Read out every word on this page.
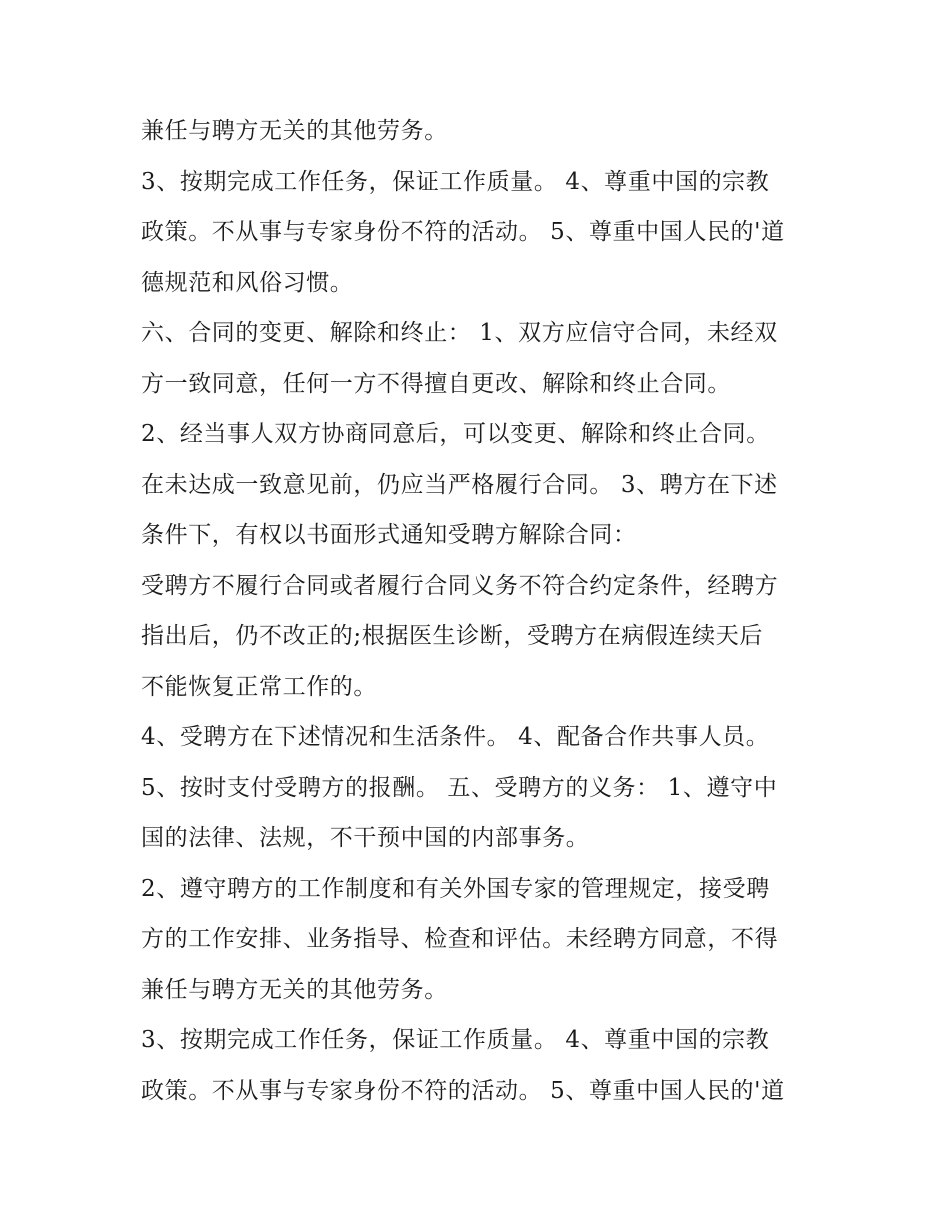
兼任与聘方无关的其他劳务。
3、按期完成工作任务，保证工作质量。 4、尊重中国的宗教
政策。不从事与专家身份不符的活动。 5、尊重中国人民的'道
德规范和风俗习惯。
六、合同的变更、解除和终止： 1、双方应信守合同，未经双
方一致同意，任何一方不得擅自更改、解除和终止合同。
2、经当事人双方协商同意后，可以变更、解除和终止合同。
在未达成一致意见前，仍应当严格履行合同。 3、聘方在下述
条件下，有权以书面形式通知受聘方解除合同：
受聘方不履行合同或者履行合同义务不符合约定条件，经聘方
指出后，仍不改正的;根据医生诊断，受聘方在病假连续天后
不能恢复正常工作的。
4、受聘方在下述情况和生活条件。 4、配备合作共事人员。
5、按时支付受聘方的报酬。 五、受聘方的义务： 1、遵守中
国的法律、法规，不干预中国的内部事务。
2、遵守聘方的工作制度和有关外国专家的管理规定，接受聘
方的工作安排、业务指导、检查和评估。未经聘方同意，不得
兼任与聘方无关的其他劳务。
3、按期完成工作任务，保证工作质量。 4、尊重中国的宗教
政策。不从事与专家身份不符的活动。 5、尊重中国人民的'道
